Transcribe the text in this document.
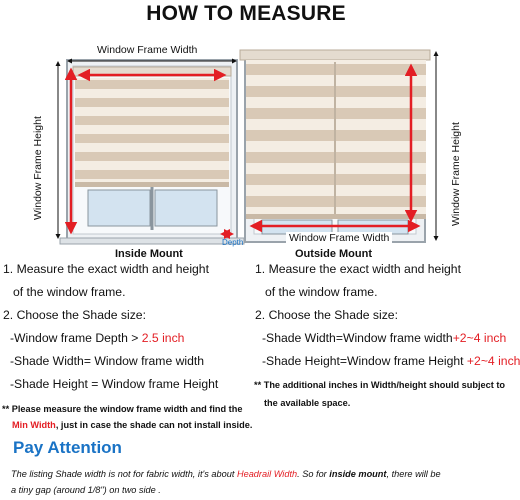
HOW TO MEASURE
Window Frame Width
Window Frame Height
Depth	Window Frame Width
Window Frame Height
Inside Mount	Outside Mount
1. Measure the exact width and height
of the window frame.
2. Choose the Shade size:
-Window frame Depth > 2.5 inch
-Shade Width= Window frame width
-Shade Height = Window frame Height
** Please measure the window frame width and find the
Min Width, just in case the shade can not install inside.
1. Measure the exact width and height
of the window frame.
2. Choose the Shade size:
-Shade Width=Window frame width+2~4 inch
-Shade Height=Window frame Height +2~4 inch
** The additional inches in Width/height should subject to
the available space.
Pay Attention
The listing Shade width is not for fabric width, it's about Headrail Width. So for inside mount, there will be
a tiny gap (around 1/8") on two side .
